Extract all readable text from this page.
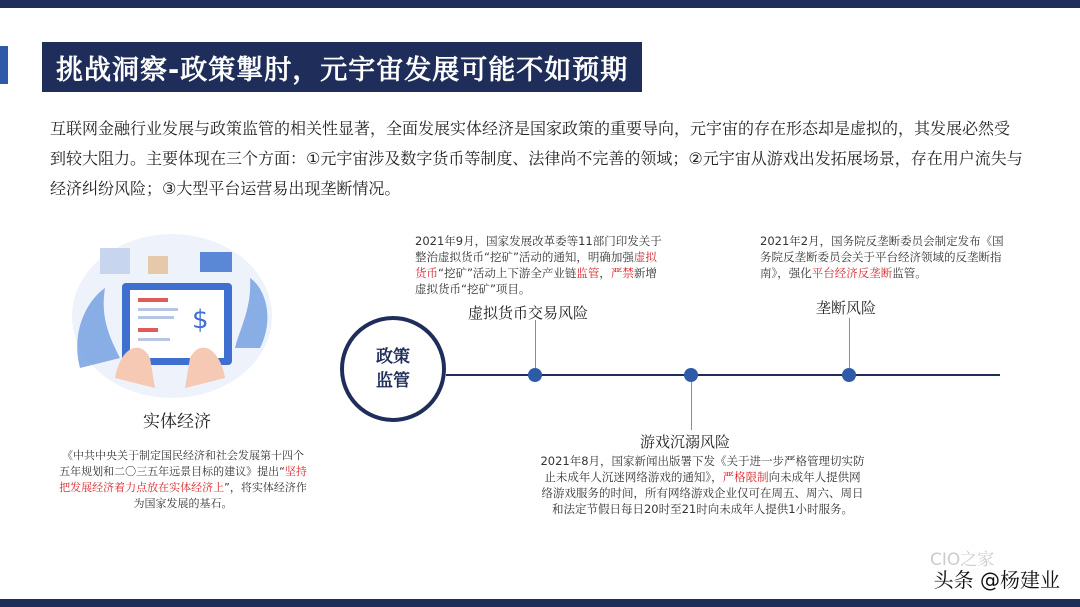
挑战洞察-政策掣肘，元宇宙发展可能不如预期
互联网金融行业发展与政策监管的相关性显著，全面发展实体经济是国家政策的重要导向，元宇宙的存在形态却是虚拟的，其发展必然受到较大阻力。主要体现在三个方面：①元宇宙涉及数字货币等制度、法律尚不完善的领域；②元宇宙从游戏出发拓展场景，存在用户流失与经济纠纷风险；③大型平台运营易出现垄断情况。
$
实体经济
《中共中央关于制定国民经济和社会发展第十四个五年规划和二〇三五年远景目标的建议》提出“坚持把发展经济着力点放在实体经济上”，将实体经济作为国家发展的基石。
政策
监管
2021年9月，国家发展改革委等11部门印发关于整治虚拟货币“挖矿”活动的通知，明确加强虚拟货币“挖矿”活动上下游全产业链监管，严禁新增虚拟货币“挖矿”项目。
虚拟货币交易风险
2021年2月，国务院反垄断委员会制定发布《国务院反垄断委员会关于平台经济领域的反垄断指南》，强化平台经济反垄断监管。
垄断风险
游戏沉溺风险
2021年8月，国家新闻出版署下发《关于进一步严格管理切实防止未成年人沉迷网络游戏的通知》，严格限制向未成年人提供网络游戏服务的时间，所有网络游戏企业仅可在周五、周六、周日和法定节假日每日20时至21时向未成年人提供1小时服务。
CIO之家
头条 @杨建业
